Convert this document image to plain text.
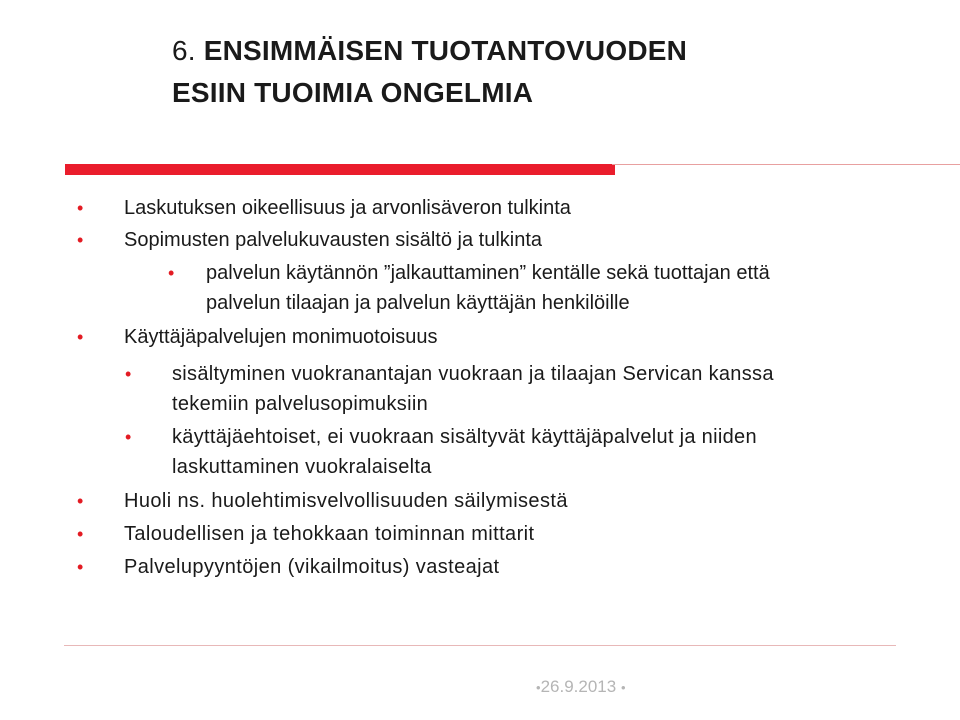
6. ENSIMMÄISEN TUOTANTOVUODEN
ESIIN TUOIMIA ONGELMIA
• Laskutuksen oikeellisuus ja arvonlisäveron tulkinta
• Sopimusten palvelukuvausten sisältö ja tulkinta
• palvelun käytännön ”jalkauttaminen” kentälle sekä tuottajan että
palvelun tilaajan ja palvelun käyttäjän henkilöille
• Käyttäjäpalvelujen monimuotoisuus
• sisältyminen vuokranantajan vuokraan ja tilaajan Servican kanssa
tekemiin palvelusopimuksiin
• käyttäjäehtoiset, ei vuokraan sisältyvät käyttäjäpalvelut ja niiden
laskuttaminen vuokralaiselta
• Huoli ns. huolehtimisvelvollisuuden säilymisestä
• Taloudellisen ja tehokkaan toiminnan mittarit
• Palvelupyyntöjen (vikailmoitus) vasteajat
•26.9.2013 •
